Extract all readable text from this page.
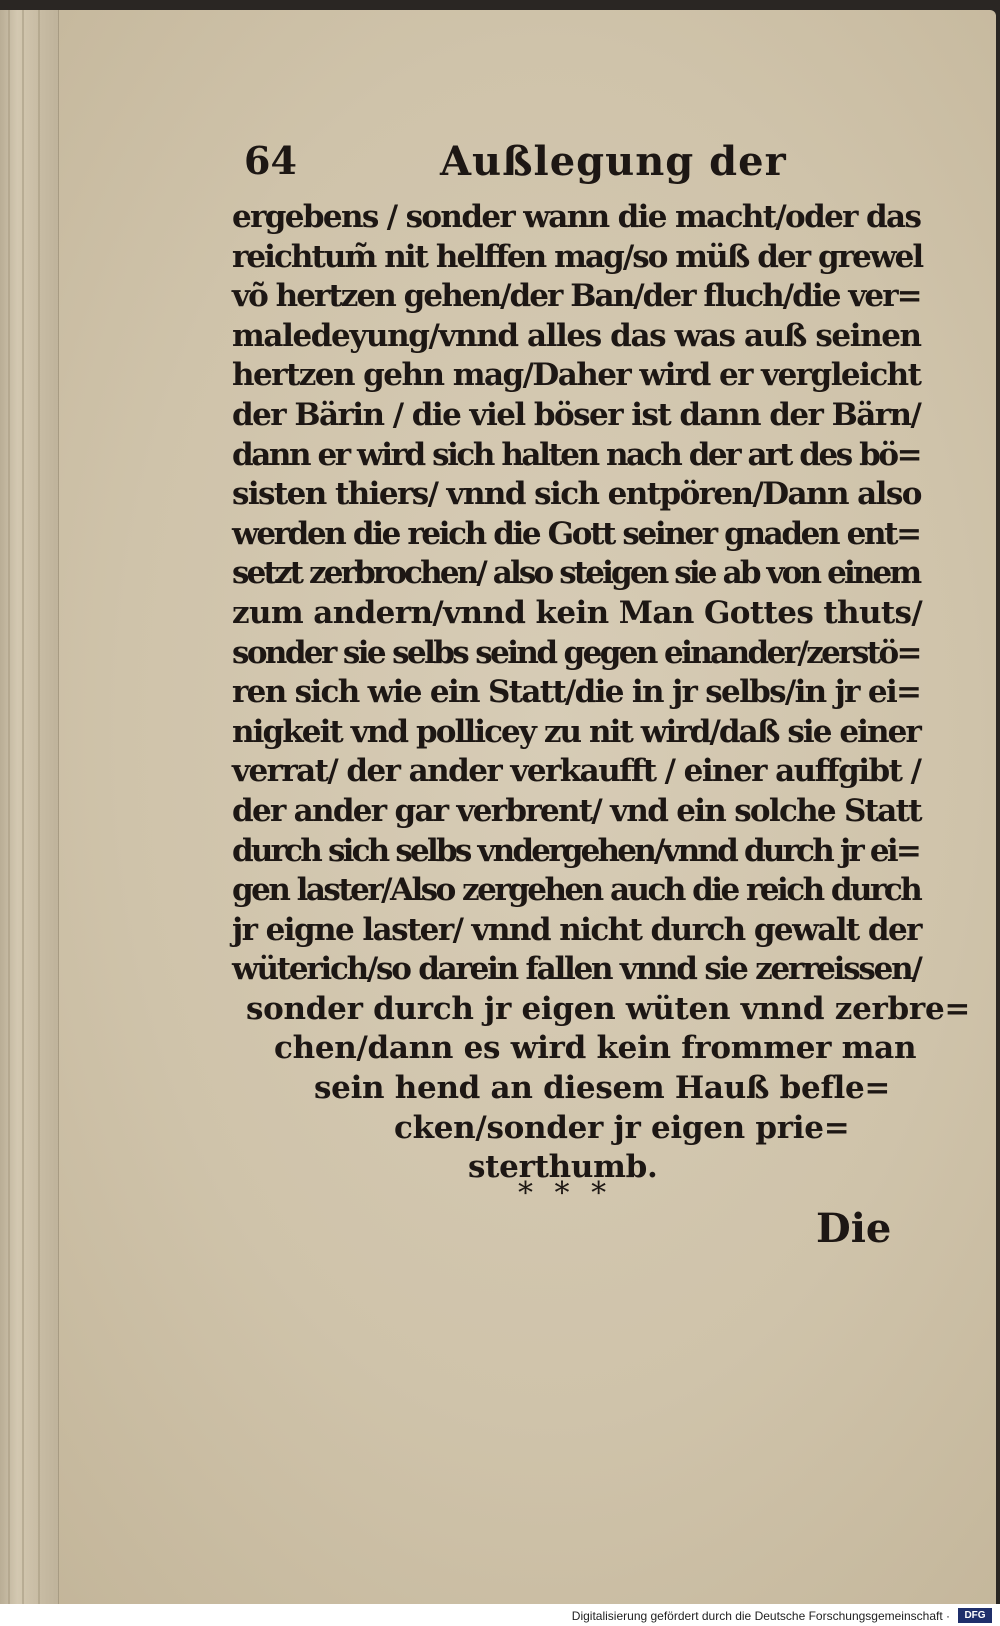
64	Außlegung der
ergebens / sonder wann die macht/oder das
reichtum̃ nit helffen mag/so müß der grewel
võ hertzen gehen/der Ban/der fluch/die ver=
maledeyung/vnnd alles das was auß seinen
hertzen gehn mag/Daher wird er vergleicht
der Bärin / die viel böser ist dann der Bärn/
dann er wird sich halten nach der art des bö=
sisten thiers/ vnnd sich entpören/Dann also
werden die reich die Gott seiner gnaden ent=
setzt zerbrochen/ also steigen sie ab von einem
zum andern/vnnd kein Man Gottes thuts/
sonder sie selbs seind gegen einander/zerstö=
ren sich wie ein Statt/die in jr selbs/in jr ei=
nigkeit vnd pollicey zu nit wird/daß sie einer
verrat/ der ander verkaufft / einer auffgibt /
der ander gar verbrent/ vnd ein solche Statt
durch sich selbs vndergehen/vnnd durch jr ei=
gen laster/Also zergehen auch die reich durch
jr eigne laster/ vnnd nicht durch gewalt der
wüterich/so darein fallen vnnd sie zerreissen/
sonder durch jr eigen wüten vnnd zerbre=
chen/dann es wird kein frommer man
sein hend an diesem Hauß befle=
cken/sonder jr eigen prie=
sterthumb.
* * *
Die
Digitalisierung gefördert durch die Deutsche Forschungsgemeinschaft ·	DFG
